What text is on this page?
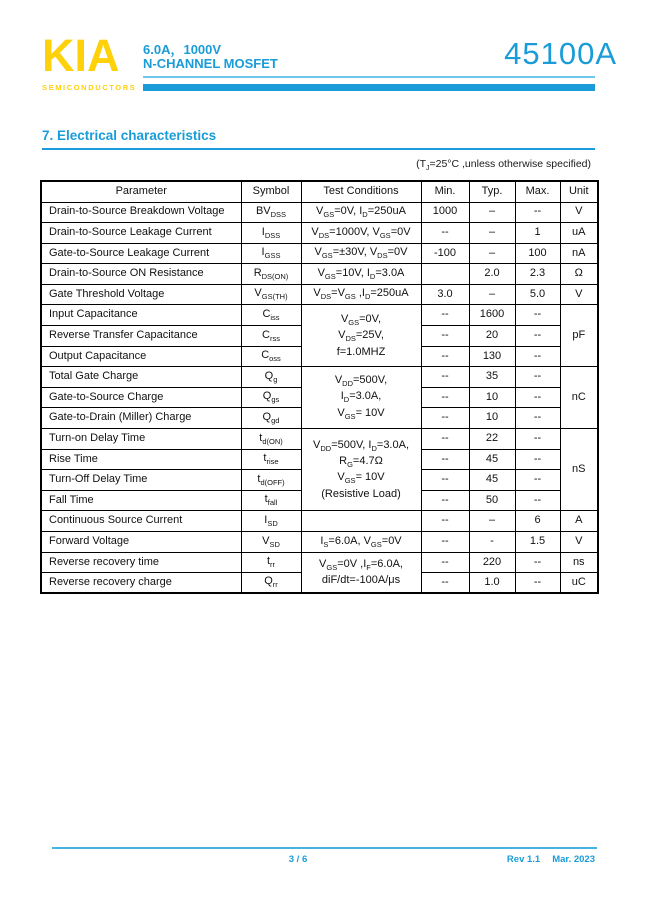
KIA
SEMICONDUCTORS
6.0A，1000V
N-CHANNEL MOSFET	45100A
7. Electrical characteristics
($T_J=25^\circ C$ ,unless otherwise specified)
Parameter	Symbol	Test Conditions	Min.	Typ.	Max.	Unit
Drain-to-Source Breakdown Voltage	$BV_{DSS}$	$V_{GS}=0V$, $I_D=250uA$	1000	–	--	V
Drain-to-Source Leakage Current	$I_{DSS}$	$V_{DS}=1000V$, $V_{GS}=0V$	--	–	1	uA
Gate-to-Source Leakage Current	$I_{GSS}$	$V_{GS}=\pm 30V$, $V_{DS}=0V$	-100	–	100	nA
Drain-to-Source ON Resistance	$R_{DS(ON)}$	$V_{GS}=10V$, $I_D=3.0A$		2.0	2.3	Ω
Gate Threshold Voltage	$V_{GS(TH)}$	$V_{DS}=V_{GS}$ $,I_D=250uA$	3.0	–	5.0	V
Input Capacitance	$C_{iss}$	$V_{GS}=0V$,
$V_{DS}=25V$,
f=1.0MHZ	--	1600	--	pF
Reverse Transfer Capacitance	$C_{rss}$		--	20	--	
Output Capacitance	$C_{oss}$		--	130	--	
Total Gate Charge	$Q_g$	$V_{DD}=500V$,
$I_D=3.0A$,
$V_{GS}= 10V$	--	35	--	nC
Gate-to-Source Charge	$Q_{gs}$		--	10	--	
Gate-to-Drain (Miller) Charge	$Q_{gd}$		--	10	--	
Turn-on Delay Time	$t_{d(ON)}$	$V_{DD}=500V$, $I_D=3.0A$,
$R_G=4.7\Omega$
$V_{GS}= 10V$
(Resistive Load)	--	22	--	nS
Rise Time	$t_{rise}$		--	45	--	
Turn-Off Delay Time	$t_{d(OFF)}$		--	45	--	
Fall Time	$t_{fall}$		--	50	--	
Continuous Source Current	$I_{SD}$		--	–	6	A
Forward Voltage	$V_{SD}$	$I_S=6.0A$, $V_{GS}=0V$	--	-	1.5	V
Reverse recovery time	$t_{rr}$	$V_{GS}=0V$ $,I_F=6.0A$,
diF/dt=-100A/μs	--	220	--	ns
Reverse recovery charge	$Q_{rr}$		--	1.0	--	uC
3 / 6	Rev 1.1 Mar. 2023
